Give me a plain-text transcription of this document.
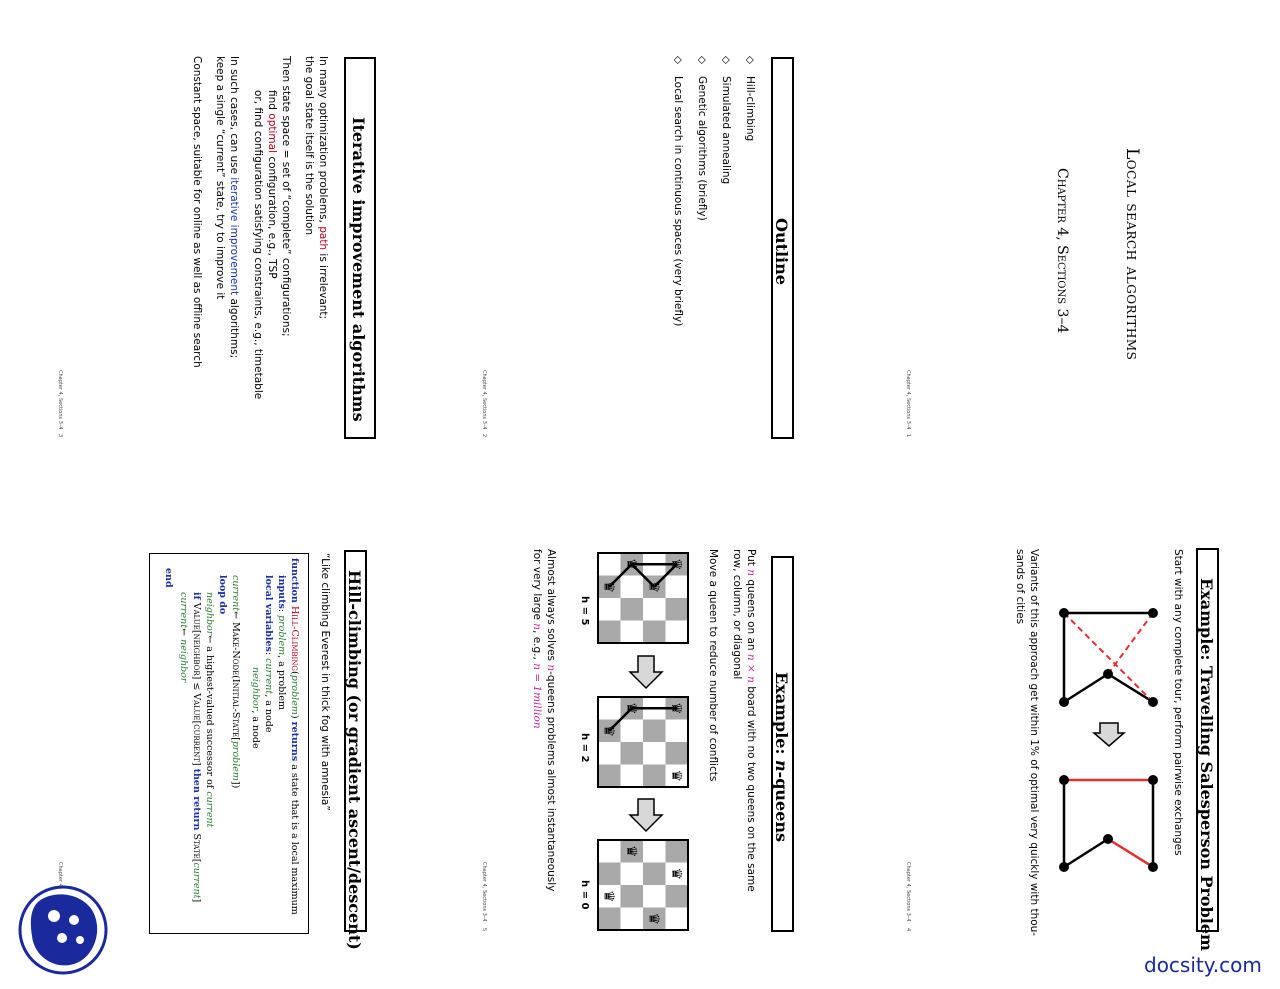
Local search algorithms
Chapter 4, Sections 3–4
Chapter 4, Sections 3–4
1
Outline
◇
Hill-climbing
◇
Simulated annealing
◇
Genetic algorithms (briefly)
◇
Local search in continuous spaces (very briefly)
Chapter 4, Sections 3–4
2
Iterative improvement algorithms
In many optimization problems, path is irrelevant;
the goal state itself is the solution
Then state space = set of “complete” configurations;
find optimal configuration, e.g., TSP
or, find configuration satisfying constraints, e.g., timetable
In such cases, can use iterative improvement algorithms;
keep a single “current” state, try to improve it
Constant space, suitable for online as well as offline search
Chapter 4, Sections 3–4
3
Example: Travelling Salesperson Problem
Start with any complete tour, perform pairwise exchanges
Variants of this approach get within 1% of optimal very quickly with thou-
sands of cities
Chapter 4, Sections 3–4
4
Example: n-queens
Put n queens on an n × n board with no two queens on the same
row, column, or diagonal
Move a queen to reduce number of conflicts
♛
♛
♛
♛
♛
♛
♛
♛
♛
♛
♛
♛
h = 5
h = 2
h = 0
Almost always solves n-queens problems almost instantaneously
for very large n, e.g., n = 1million
Chapter 4, Sections 3–4
5
Hill-climbing (or gradient ascent/descent)
“Like climbing Everest in thick fog with amnesia”
function Hill-Climbing(problem) returns a state that is a local maximum
inputs: problem, a problem
local variables: current, a node
neighbor, a node
current← Make-Node(Initial-State[problem])
loop do
neighbor← a highest-valued successor of current
if Value[neighbor] ≤ Value[current] then return State[current]
current← neighbor
end
docsity.com
